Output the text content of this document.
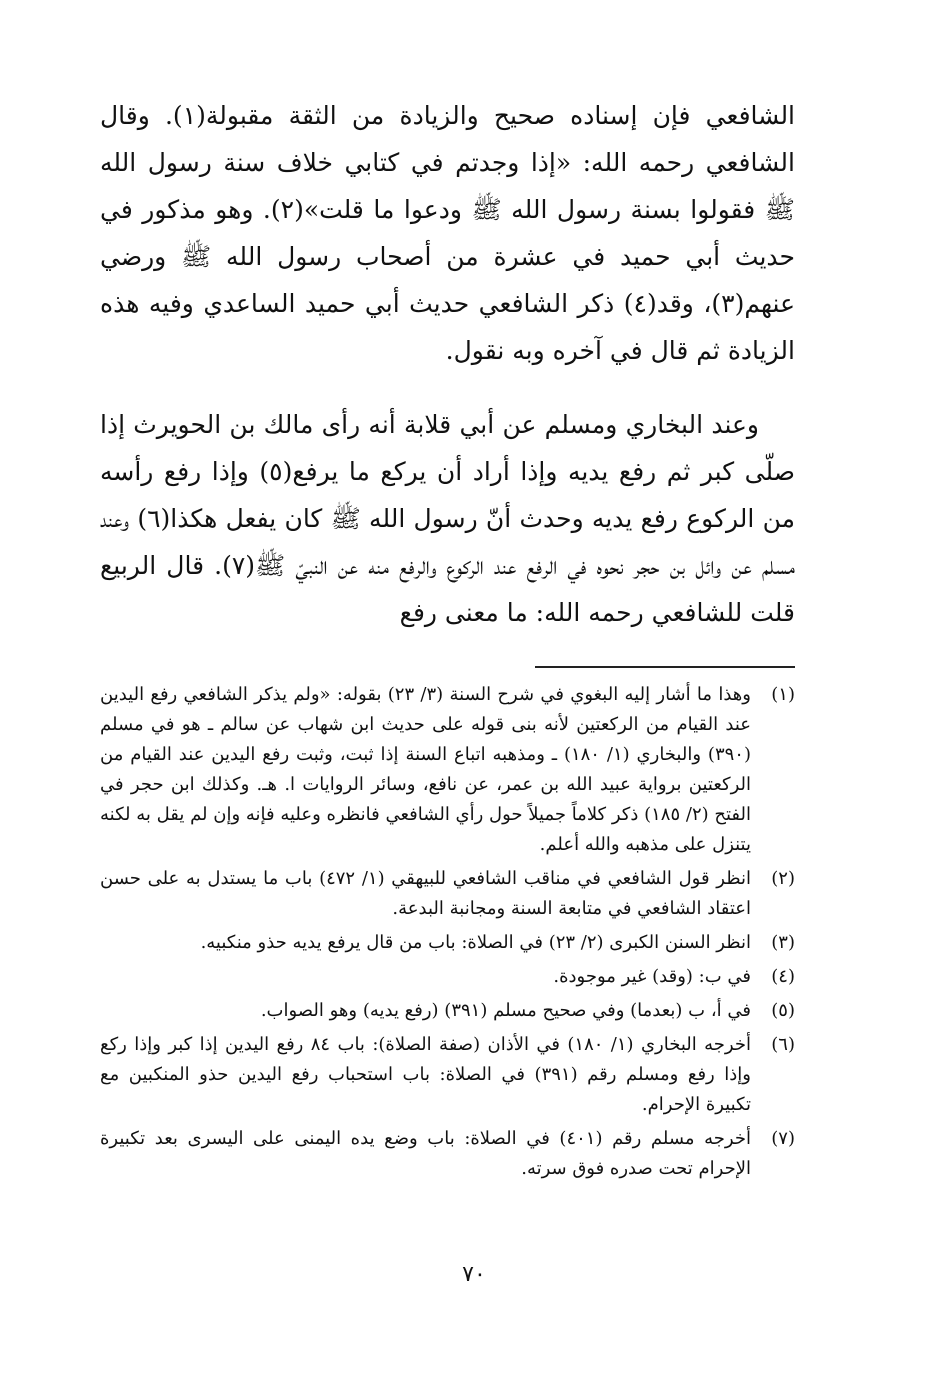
الشافعي فإن إسناده صحيح والزيادة من الثقة مقبولة(١). وقال الشافعي رحمه الله: «إذا وجدتم في كتابي خلاف سنة رسول الله ﷺ فقولوا بسنة رسول الله ﷺ ودعوا ما قلت»(٢). وهو مذكور في حديث أبي حميد في عشرة من أصحاب رسول الله ﷺ ورضي عنهم(٣)، وقد(٤) ذكر الشافعي حديث أبي حميد الساعدي وفيه هذه الزيادة ثم قال في آخره وبه نقول.

وعند البخاري ومسلم عن أبي قلابة أنه رأى مالك بن الحويرث إذا صلّى كبر ثم رفع يديه وإذا أراد أن يركع ما يرفع(٥) وإذا رفع رأسه من الركوع رفع يديه وحدث أنّ رسول الله ﷺ كان يفعل هكذا(٦) وعند مسلم عن وائل بن حجر نحوه في الرفع عند الركوع والرفع منه عن النبيّ ﷺ(٧). قال الربيع قلت للشافعي رحمه الله: ما معنى رفع

(١)
وهذا ما أشار إليه البغوي في شرح السنة (٣/ ٢٣) بقوله: «ولم يذكر الشافعي رفع اليدين عند القيام من الركعتين لأنه بنى قوله على حديث ابن شهاب عن سالم ـ هو في مسلم (٣٩٠) والبخاري (١/ ١٨٠) ـ ومذهبه اتباع السنة إذا ثبت، وثبت رفع اليدين عند القيام من الركعتين برواية عبيد الله بن عمر، عن نافع، وسائر الروايات ا. هـ. وكذلك ابن حجر في الفتح (٢/ ١٨٥) ذكر كلاماً جميلاً حول رأي الشافعي فانظره وعليه فإنه وإن لم يقل به لكنه يتنزل على مذهبه والله أعلم.
(٢)
انظر قول الشافعي في مناقب الشافعي للبيهقي (١/ ٤٧٢) باب ما يستدل به على حسن اعتقاد الشافعي في متابعة السنة ومجانبة البدعة.
(٣)
انظر السنن الكبرى (٢/ ٢٣) في الصلاة: باب من قال يرفع يديه حذو منكبيه.
(٤)
في ب: (وقد) غير موجودة.
(٥)
في أ، ب (بعدما) وفي صحيح مسلم (٣٩١) (رفع يديه) وهو الصواب.
(٦)
أخرجه البخاري (١/ ١٨٠) في الأذان (صفة الصلاة): باب ٨٤ رفع اليدين إذا كبر وإذا ركع وإذا رفع ومسلم رقم (٣٩١) في الصلاة: باب استحباب رفع اليدين حذو المنكبين مع تكبيرة الإحرام.
(٧)
أخرجه مسلم رقم (٤٠١) في الصلاة: باب وضع يده اليمنى على اليسرى بعد تكبيرة الإحرام تحت صدره فوق سرته.
٧٠
